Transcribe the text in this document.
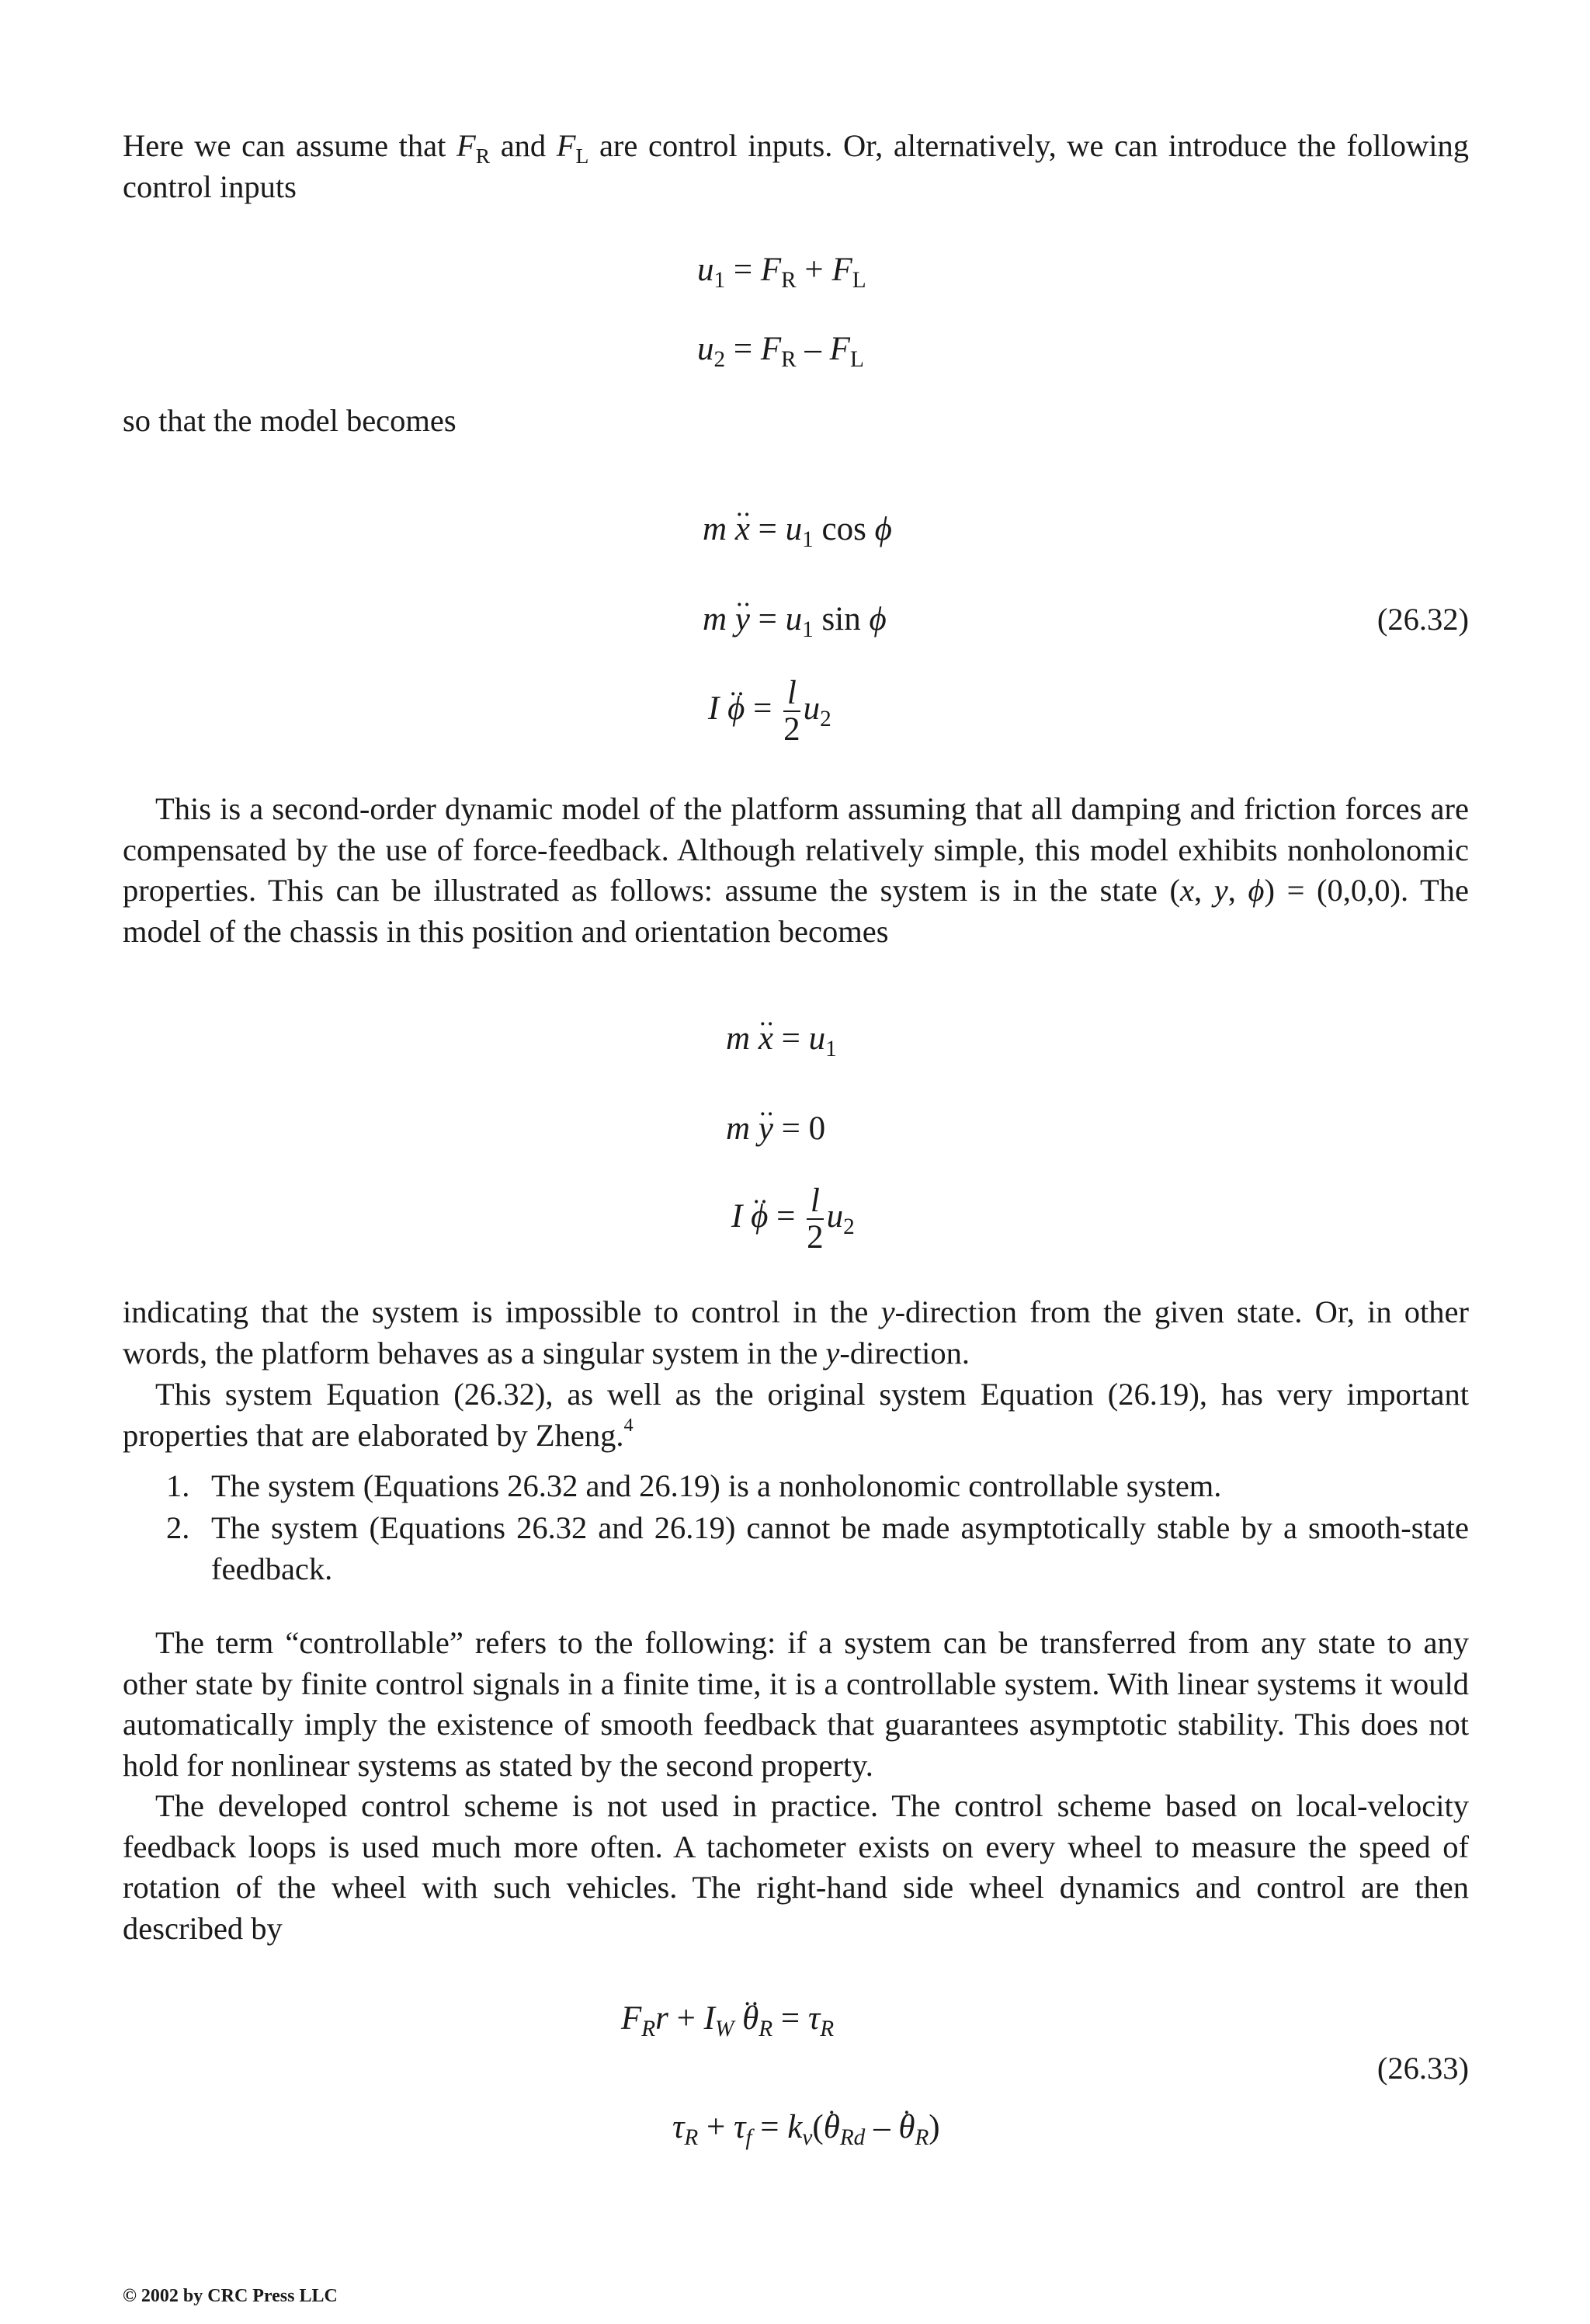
Here we can assume that $F_R$ and $F_L$ are control inputs. Or, alternatively, we can introduce the following control inputs

$u_1 = F_R + F_L$
$u_2 = F_R - F_L$
so that the model becomes
$m \cdot\cdot x = u_1$ cos ϕ
$m \cdot\cdot y = u_1$ sin ϕ	(26.32)
$I \cdot\cdot \phi = \frac{l}{2} u_2$

This is a second-order dynamic model of the platform assuming that all damping and friction forces are compensated by the use of force-feedback. Although relatively simple, this model exhibits nonholonomic properties. This can be illustrated as follows: assume the system is in the state (x, y, ϕ) = (0,0,0). The model of the chassis in this position and orientation becomes

$m \cdot\cdot x = u_1$
m ·· y = 0
$I \cdot\cdot \phi = \frac{l}{2} u_2$

indicating that the system is impossible to control in the y-direction from the given state. Or, in other words, the platform behaves as a singular system in the y-direction.

This system Equation (26.32), as well as the original system Equation (26.19), has very important properties that are elaborated by Zheng.$^4$

1. The system (Equations 26.32 and 26.19) is a nonholonomic controllable system.
2. The system (Equations 26.32 and 26.19) cannot be made asymptotically stable by a smooth-state feedback.

The term “controllable” refers to the following: if a system can be transferred from any state to any other state by finite control signals in a finite time, it is a controllable system. With linear systems it would automatically imply the existence of smooth feedback that guarantees asymptotic stability. This does not hold for nonlinear systems as stated by the second property.

The developed control scheme is not used in practice. The control scheme based on local-velocity feedback loops is used much more often. A tachometer exists on every wheel to measure the speed of rotation of the wheel with such vehicles. The right-hand side wheel dynamics and control are then described by

$F_Rr + I_W \cdot\cdot \theta_R = \tau_R$
(26.33)
$\tau_R + \tau_f = k_v(\cdot \theta_{Rd}$ – · $\theta_R$)
© 2002 by CRC Press LLC
